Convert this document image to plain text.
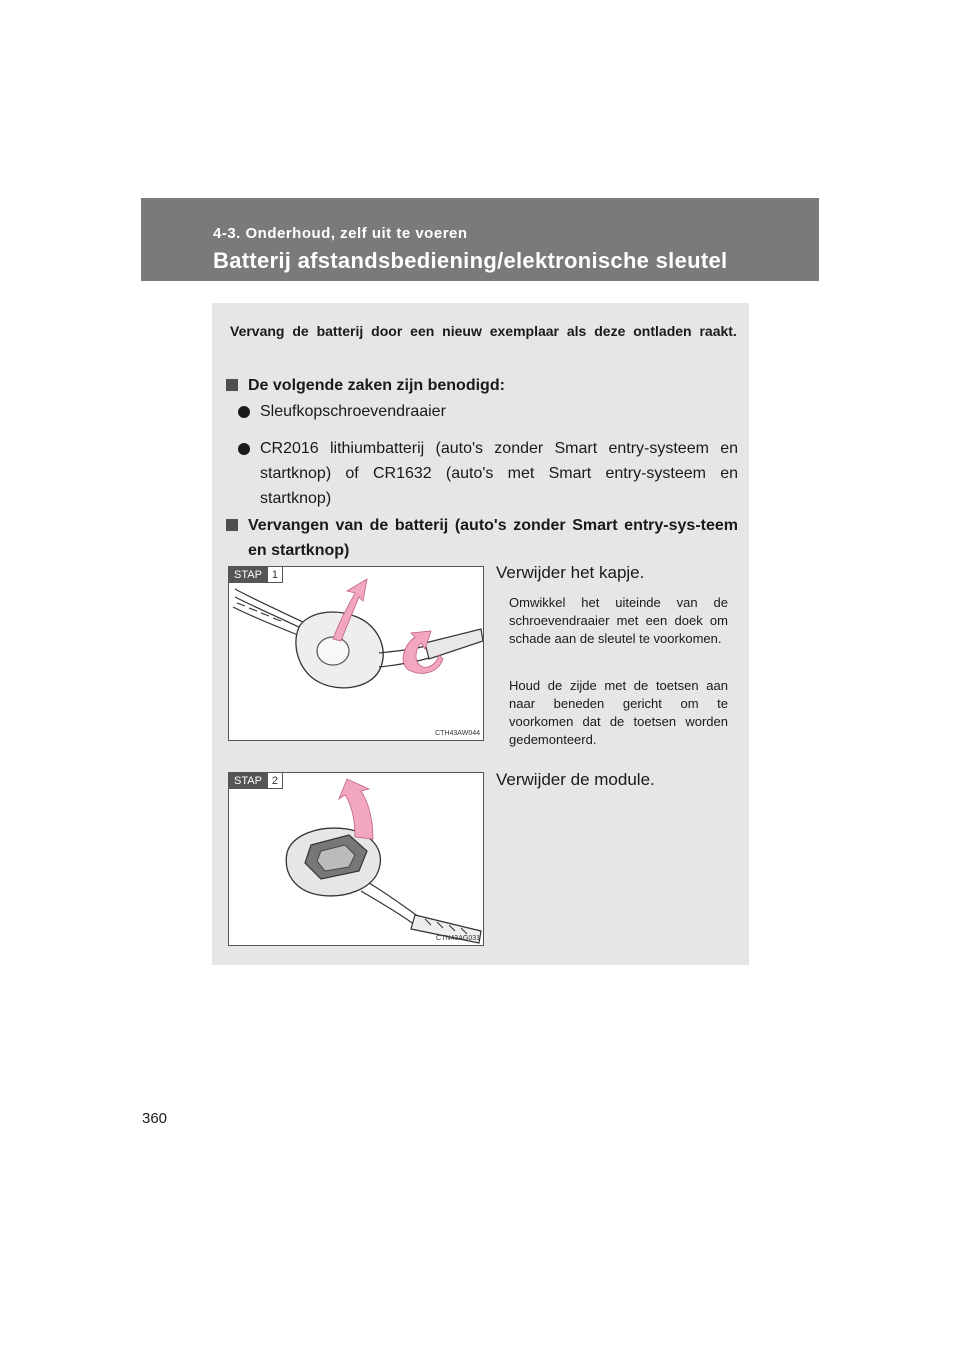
4-3. Onderhoud, zelf uit te voeren
Batterij afstandsbediening/elektronische sleutel
Vervang de batterij door een nieuw exemplaar als deze ontladen raakt.
De volgende zaken zijn benodigd:
Sleufkopschroevendraaier
CR2016 lithiumbatterij (auto's zonder Smart entry-systeem en startknop) of CR1632 (auto's met Smart entry-systeem en startknop)
Vervangen van de batterij (auto's zonder Smart entry-sys-teem en startknop)
STAP 1
CTH43AW044
Verwijder het kapje.
Omwikkel het uiteinde van de schroevendraaier met een doek om schade aan de sleutel te voorkomen.
Houd de zijde met de toetsen aan naar beneden gericht om te voorkomen dat de toetsen worden gedemonteerd.
STAP 2
CTN43AG031
Verwijder de module.
360
